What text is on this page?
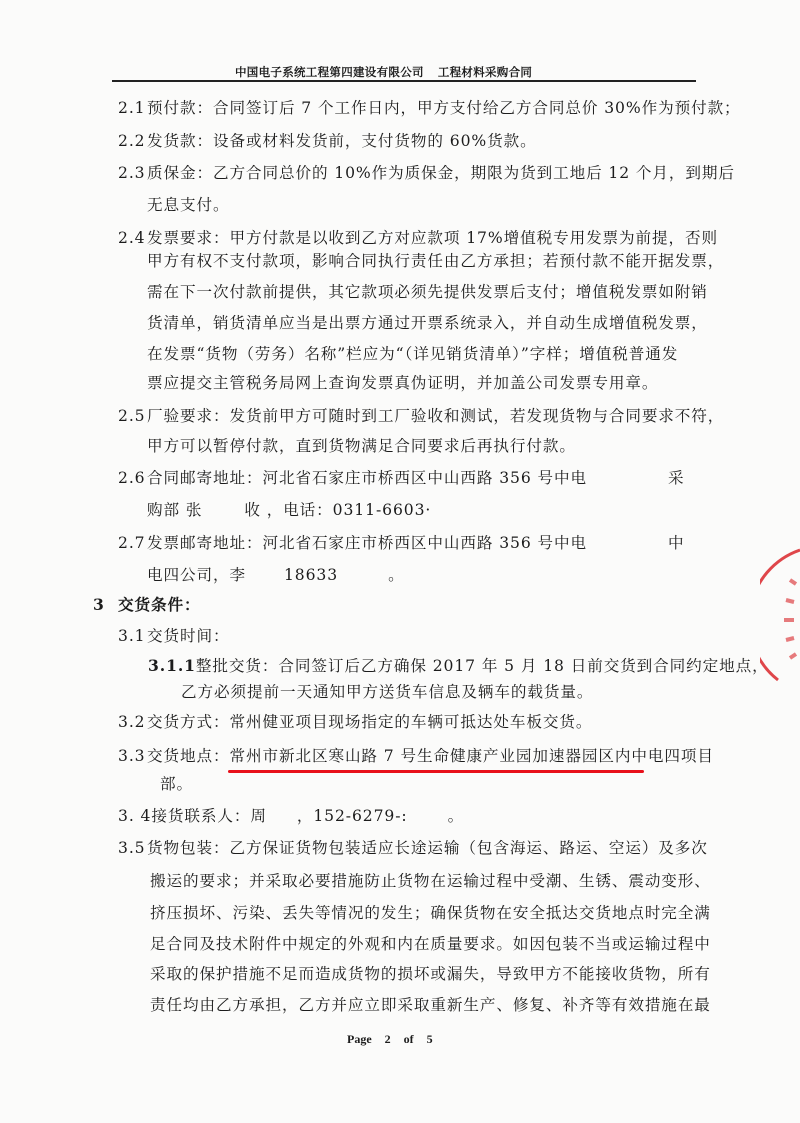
中国电子系统工程第四建设有限公司 工程材料采购合同
2.1预付款：合同签订后 7 个工作日内，甲方支付给乙方合同总价 30%作为预付款；
2.2发货款：设备或材料发货前，支付货物的 60%货款。
2.3质保金：乙方合同总价的 10%作为质保金，期限为货到工地后 12 个月，到期后
无息支付。
2.4发票要求：甲方付款是以收到乙方对应款项 17%增值税专用发票为前提，否则
甲方有权不支付款项，影响合同执行责任由乙方承担；若预付款不能开据发票，
需在下一次付款前提供，其它款项必须先提供发票后支付；增值税发票如附销
货清单，销货清单应当是出票方通过开票系统录入，并自动生成增值税发票，
在发票“货物（劳务）名称”栏应为“（详见销货清单）”字样；增值税普通发
票应提交主管税务局网上查询发票真伪证明，并加盖公司发票专用章。
2.5厂验要求：发货前甲方可随时到工厂验收和测试，若发现货物与合同要求不符，
甲方可以暂停付款，直到货物满足合同要求后再执行付款。
2.6合同邮寄地址：河北省石家庄市桥西区中山西路 356 号中电	采
购部 张	收 ，电话：0311-6603·
2.7发票邮寄地址：河北省石家庄市桥西区中山西路 356 号中电	中
电四公司，李 18633	。
3 交货条件：
3.1交货时间：
3.1.1整批交货：合同签订后乙方确保 2017 年 5 月 18 日前交货到合同约定地点，
乙方必须提前一天通知甲方送货车信息及辆车的载货量。
3.2交货方式：常州健亚项目现场指定的车辆可抵达处车板交货。
3.3交货地点：常州市新北区寒山路 7 号生命健康产业园加速器园区内中电四项目
部。
3. 4接货联系人：周 ，152-6279-:	。
3.5货物包装：乙方保证货物包装适应长途运输（包含海运、路运、空运）及多次
搬运的要求；并采取必要措施防止货物在运输过程中受潮、生锈、震动变形、
挤压损坏、污染、丢失等情况的发生；确保货物在安全抵达交货地点时完全满
足合同及技术附件中规定的外观和内在质量要求。如因包装不当或运输过程中
采取的保护措施不足而造成货物的损坏或漏失，导致甲方不能接收货物，所有
责任均由乙方承担，乙方并应立即采取重新生产、修复、补齐等有效措施在最
Page 2 of 5
